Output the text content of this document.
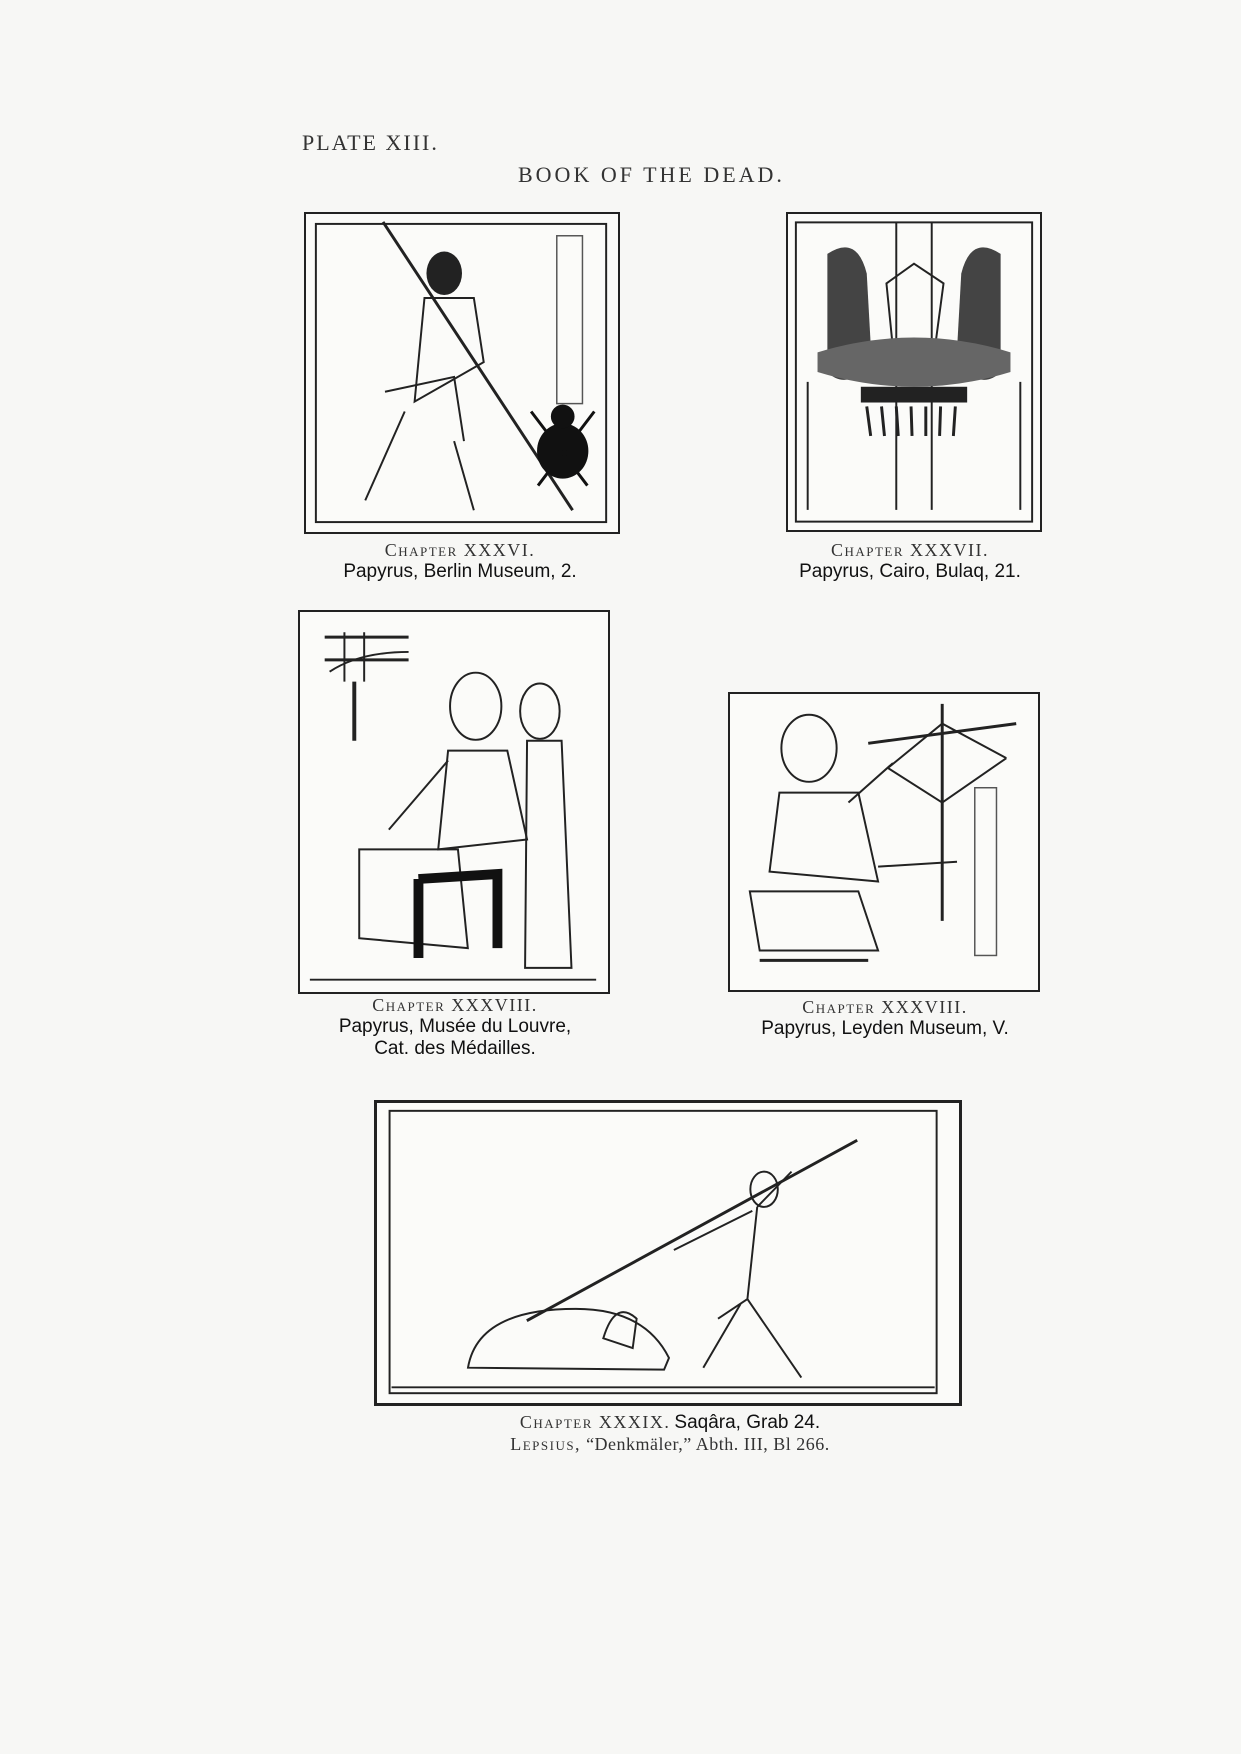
PLATE XIII.
BOOK OF THE DEAD.
Chapter XXXVI.
Papyrus, Berlin Museum, 2.
Chapter XXXVII.
Papyrus, Cairo, Bulaq, 21.
Chapter XXXVIII.
Papyrus, Musée du Louvre,
Cat. des Médailles.
Chapter XXXVIII.
Papyrus, Leyden Museum, V.
Chapter XXXIX. Saqâra, Grab 24.
Lepsius, “Denkmäler,” Abth. III, Bl 266.
